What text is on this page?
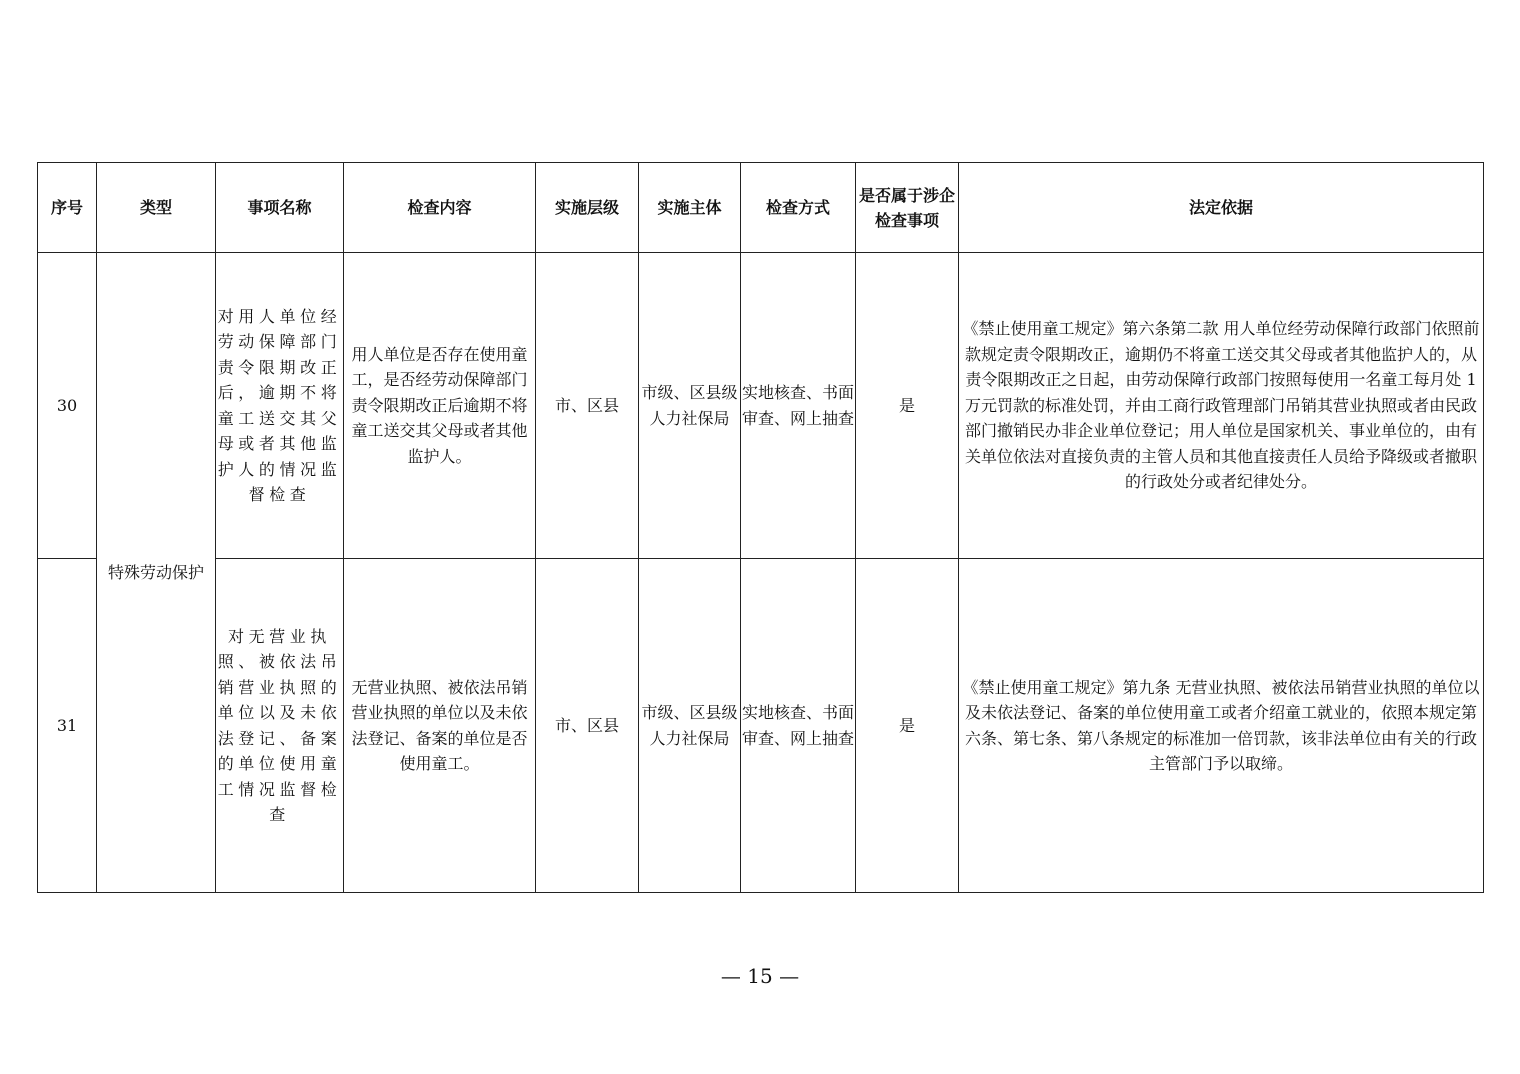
序号	类型	事项名称	检查内容	实施层级	实施主体	检查方式	是否属于涉企检查事项	法定依据
30	特殊劳动保护	对用人单位经劳动保障部门责令限期改正后，逾期不将童工送交其父母或者其他监护人的情况监督检查	用人单位是否存在使用童工，是否经劳动保障部门责令限期改正后逾期不将童工送交其父母或者其他监护人。	市、区县	市级、区县级人力社保局	实地核查、书面审查、网上抽查	是	《禁止使用童工规定》第六条第二款 用人单位经劳动保障行政部门依照前款规定责令限期改正，逾期仍不将童工送交其父母或者其他监护人的，从责令限期改正之日起，由劳动保障行政部门按照每使用一名童工每月处 1 万元罚款的标准处罚，并由工商行政管理部门吊销其营业执照或者由民政部门撤销民办非企业单位登记；用人单位是国家机关、事业单位的，由有关单位依法对直接负责的主管人员和其他直接责任人员给予降级或者撤职的行政处分或者纪律处分。
31		对无营业执照、被依法吊销营业执照的单位以及未依法登记、备案的单位使用童工情况监督检查	无营业执照、被依法吊销营业执照的单位以及未依法登记、备案的单位是否使用童工。	市、区县	市级、区县级人力社保局	实地核查、书面审查、网上抽查	是	《禁止使用童工规定》第九条 无营业执照、被依法吊销营业执照的单位以及未依法登记、备案的单位使用童工或者介绍童工就业的，依照本规定第六条、第七条、第八条规定的标准加一倍罚款，该非法单位由有关的行政主管部门予以取缔。
— 15 —
